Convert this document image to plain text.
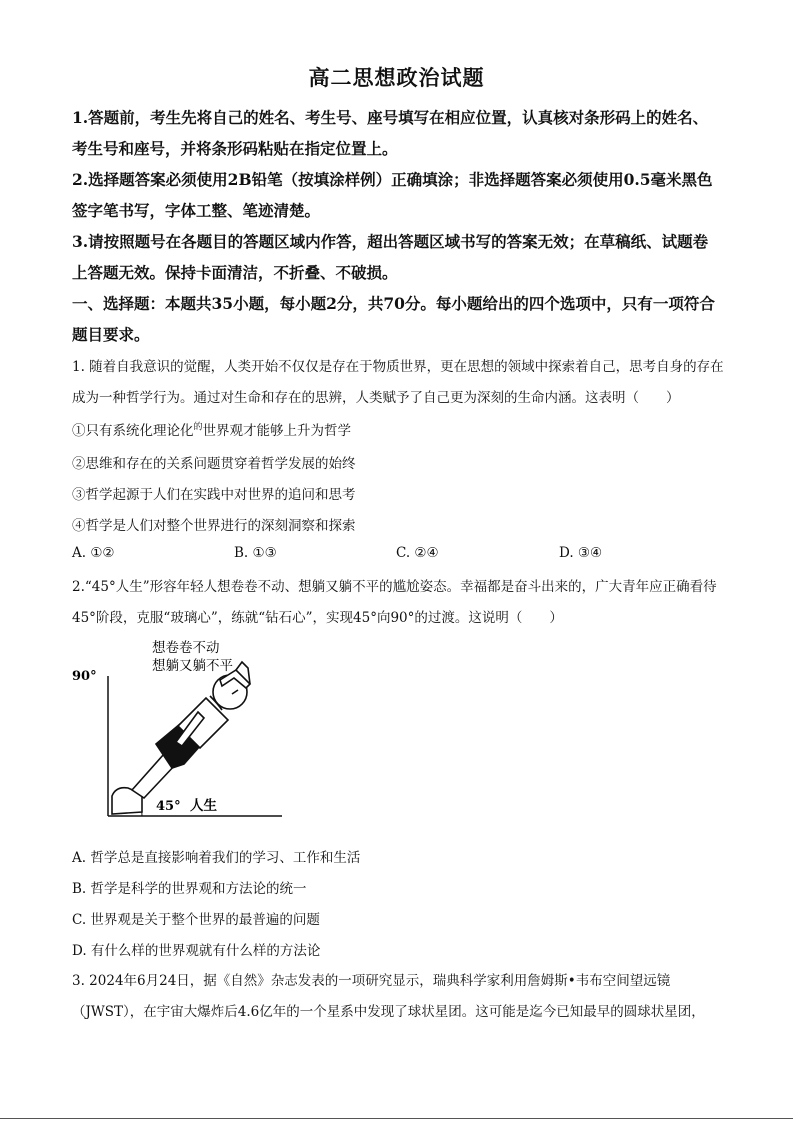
高二思想政治试题
1.答题前，考生先将自己的姓名、考生号、座号填写在相应位置，认真核对条形码上的姓名、考生号和座号，并将条形码粘贴在指定位置上。
2.选择题答案必须使用2B铅笔（按填涂样例）正确填涂；非选择题答案必须使用0.5毫米黑色签字笔书写，字体工整、笔迹清楚。
3.请按照题号在各题目的答题区域内作答，超出答题区域书写的答案无效；在草稿纸、试题卷上答题无效。保持卡面清洁，不折叠、不破损。
一、选择题：本题共35小题，每小题2分，共70分。每小题给出的四个选项中，只有一项符合题目要求。
1. 随着自我意识的觉醒，人类开始不仅仅是存在于物质世界，更在思想的领域中探索着自己，思考自身的存在成为一种哲学行为。通过对生命和存在的思辨，人类赋予了自己更为深刻的生命内涵。这表明（　　）
①只有系统化理论化$^的$世界观才能够上升为哲学
②思维和存在的关系问题贯穿着哲学发展的始终
③哲学起源于人们在实践中对世界的追问和思考
④哲学是人们对整个世界进行的深刻洞察和探索
A. ①②	B. ①③	C. ②④	D. ③④
2.“45°人生”形容年轻人想卷卷不动、想躺又躺不平的尴尬姿态。幸福都是奋斗出来的，广大青年应正确看待45°阶段，克服“玻璃心”，练就“钻石心”，实现45°向90°的过渡。这说明（　　）
90°
想卷卷不动
想躺又躺不平
45° 人生
A. 哲学总是直接影响着我们的学习、工作和生活
B. 哲学是科学的世界观和方法论的统一
C. 世界观是关于整个世界的最普遍的问题
D. 有什么样的世界观就有什么样的方法论
3. 2024年6月24日，据《自然》杂志发表的一项研究显示，瑞典科学家利用詹姆斯•韦布空间望远镜（JWST），在宇宙大爆炸后4.6亿年的一个星系中发现了球状星团。这可能是迄今已知最早的圆球状星团，
